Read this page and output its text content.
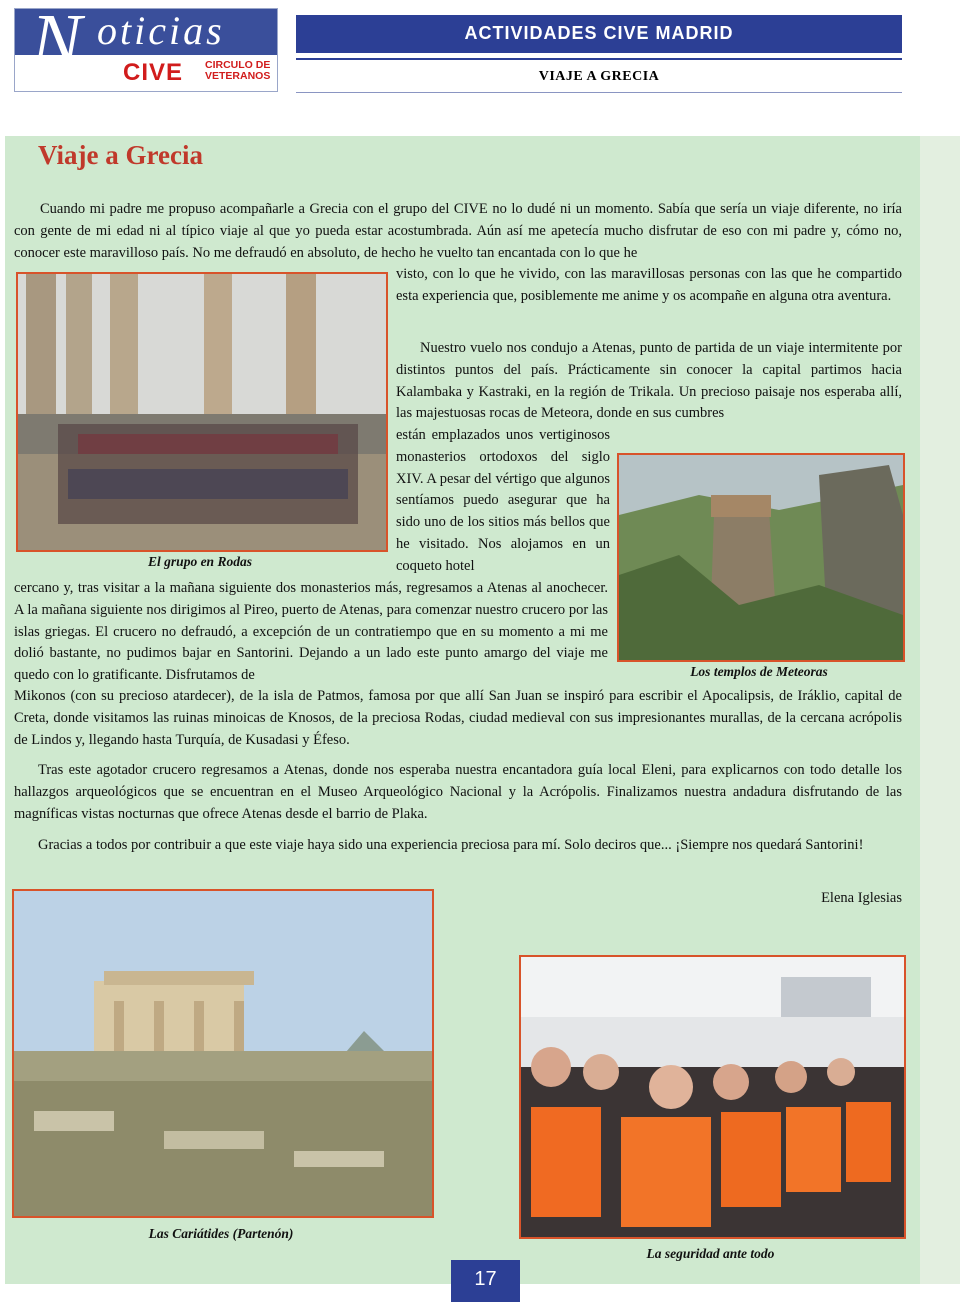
N oticias
CIVE CIRCULO DE
VETERANOS
ACTIVIDADES CIVE MADRID
VIAJE A GRECIA
Viaje a Grecia

Cuando mi padre me propuso acompañarle a Grecia con el grupo del CIVE no lo dudé ni un momento. Sabía que sería un viaje diferente, no iría con gente de mi edad ni al típico viaje al que yo pueda estar acostumbrada. Aún así me apetecía mucho disfrutar de eso con mi padre y, cómo no, conocer este maravilloso país. No me defraudó en absoluto, de hecho he vuelto tan encantada con lo que he

visto, con lo que he vivido, con las maravillosas personas con las que he compartido esta experiencia que, posiblemente me anime y os acompañe en alguna otra aventura.

Nuestro vuelo nos condujo a Atenas, punto de partida de un viaje intermitente por distintos puntos del país. Prácticamente sin conocer la capital partimos hacia Kalambaka y Kastraki, en la región de Trikala. Un precioso paisaje nos esperaba allí, las majestuosas rocas de Meteora, donde en sus cumbres

están emplazados unos vertiginosos monasterios ortodoxos del siglo XIV. A pesar del vértigo que algunos sentíamos puedo asegurar que ha sido uno de los sitios más bellos que he visitado. Nos alojamos en un coqueto hotel

cercano y, tras visitar a la mañana siguiente dos monasterios más, regresamos a Atenas al anochecer. A la mañana siguiente nos dirigimos al Pireo, puerto de Atenas, para comenzar nuestro crucero por las islas griegas. El crucero no defraudó, a excepción de un contratiempo que en su momento a mi me dolió bastante, no pudimos bajar en Santorini. Dejando a un lado este punto amargo del viaje me quedo con lo gratificante. Disfrutamos de

Mikonos (con su precioso atardecer), de la isla de Patmos, famosa por que allí San Juan se inspiró para escribir el Apocalipsis, de Iráklio, capital de Creta, donde visitamos las ruinas minoicas de Knosos, de la preciosa Rodas, ciudad medieval con sus impresionantes murallas, de la cercana acrópolis de Lindos y, llegando hasta Turquía, de Kusadasi y Éfeso.

Tras este agotador crucero regresamos a Atenas, donde nos esperaba nuestra encantadora guía local Eleni, para explicarnos con todo detalle los hallazgos arqueológicos que se encuentran en el Museo Arqueológico Nacional y la Acrópolis. Finalizamos nuestra andadura disfrutando de las magníficas vistas nocturnas que ofrece Atenas desde el barrio de Plaka.

Gracias a todos por contribuir a que este viaje haya sido una experiencia preciosa para mí. Solo deciros que... ¡Siempre nos quedará Santorini!

Elena Iglesias
El grupo en Rodas
Los templos de Meteoras
Las Cariátides (Partenón)
La seguridad ante todo
17
